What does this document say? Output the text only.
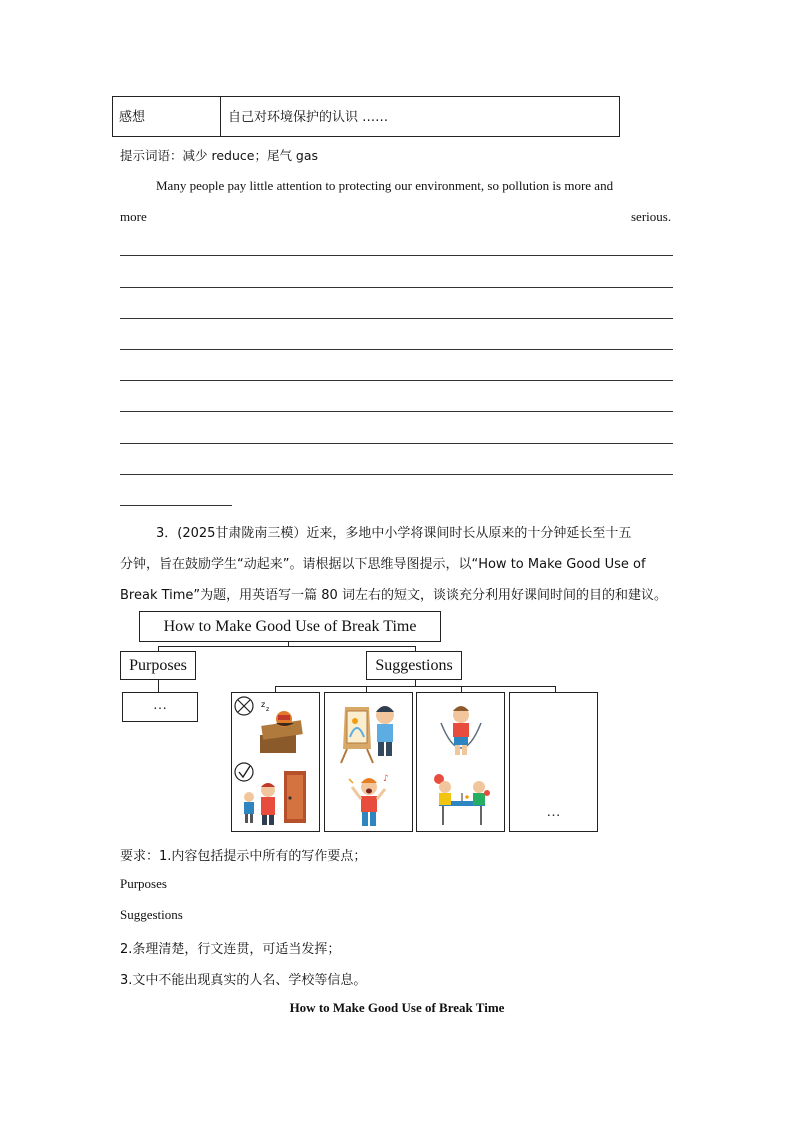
感想	自己对环境保护的认识 ……
提示词语：减少 reduce；尾气 gas
Many people pay little attention to protecting our environment, so pollution is more and
more	serious.
3．(2025甘肃陇南三模）近来，多地中小学将课间时长从原来的十分钟延长至十五
分钟，旨在鼓励学生“动起来”。请根据以下思维导图提示，以“How to Make Good Use of
Break Time”为题，用英语写一篇 80 词左右的短文，谈谈充分利用好课间时间的目的和建议。
How to Make Good Use of Break Time
Purposes	Suggestions
…	z
z
♪
…
要求：1.内容包括提示中所有的写作要点；
Purposes
Suggestions
2.条理清楚，行文连贯，可适当发挥；
3.文中不能出现真实的人名、学校等信息。
How to Make Good Use of Break Time
